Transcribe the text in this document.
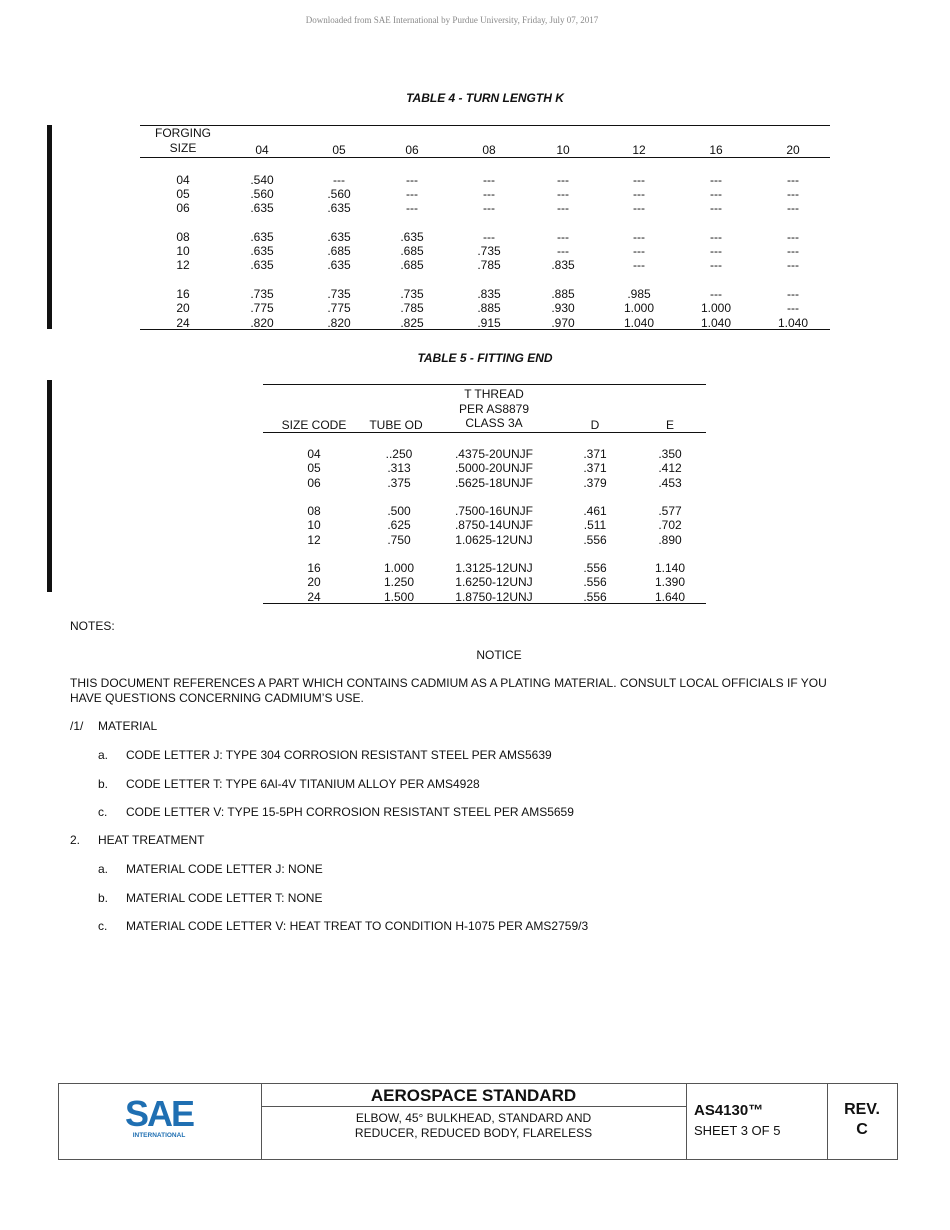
Downloaded from SAE International by Purdue University, Friday, July 07, 2017
TABLE 4 - TURN LENGTH K
FORGING
SIZE	04	05	06	08	10	12	16	20
04	.540	---	---	---	---	---	---	---
05	.560	.560	---	---	---	---	---	---
06	.635	.635	---	---	---	---	---	---
08	.635	.635	.635	---	---	---	---	---
10	.635	.685	.685	.735	---	---	---	---
12	.635	.635	.685	.785	.835	---	---	---
16	.735	.735	.735	.835	.885	.985	---	---
20	.775	.775	.785	.885	.930	1.000	1.000	---
24	.820	.820	.825	.915	.970	1.040	1.040	1.040
TABLE 5 - FITTING END
SIZE CODE	TUBE OD
T THREAD
PER AS8879
CLASS 3A	D	E
04	..250	.4375-20UNJF	.371	.350
05	.313	.5000-20UNJF	.371	.412
06	.375	.5625-18UNJF	.379	.453
08	.500	.7500-16UNJF	.461	.577
10	.625	.8750-14UNJF	.511	.702
12	.750	1.0625-12UNJ	.556	.890
16	1.000	1.3125-12UNJ	.556	1.140
20	1.250	1.6250-12UNJ	.556	1.390
24	1.500	1.8750-12UNJ	.556	1.640
NOTES:
NOTICE
THIS DOCUMENT REFERENCES A PART WHICH CONTAINS CADMIUM AS A PLATING MATERIAL. CONSULT LOCAL OFFICIALS IF YOU
HAVE QUESTIONS CONCERNING CADMIUM’S USE.
/1/ MATERIAL
a. CODE LETTER J: TYPE 304 CORROSION RESISTANT STEEL PER AMS5639
b. CODE LETTER T: TYPE 6Al-4V TITANIUM ALLOY PER AMS4928
c. CODE LETTER V: TYPE 15-5PH CORROSION RESISTANT STEEL PER AMS5659
2. HEAT TREATMENT
a. MATERIAL CODE LETTER J: NONE
b. MATERIAL CODE LETTER T: NONE
c. MATERIAL CODE LETTER V: HEAT TREAT TO CONDITION H-1075 PER AMS2759/3
SAE
INTERNATIONAL
AEROSPACE STANDARD
ELBOW, 45° BULKHEAD, STANDARD AND
REDUCER, REDUCED BODY, FLARELESS
AS4130™
SHEET 3 OF 5
REV.
C
